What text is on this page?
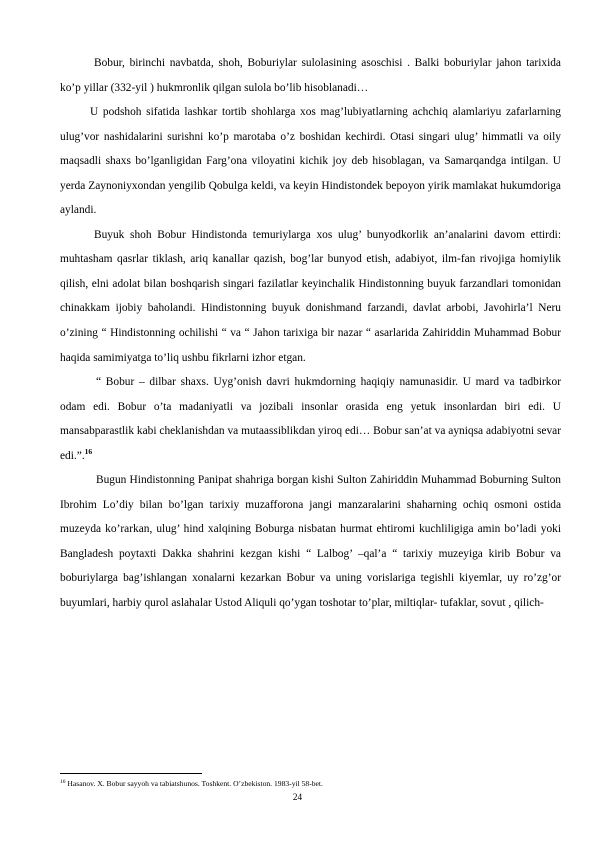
Bobur, birinchi navbatda, shoh, Boburiylar sulolasining asoschisi . Balki boburiylar jahon tarixida ko’p yillar (332-yil ) hukmronlik qilgan sulola bo’lib hisoblanadi…

U podshoh sifatida lashkar tortib shohlarga xos mag’lubiyatlarning achchiq alamlariyu zafarlarning ulug’vor nashidalarini surishni ko’p marotaba o’z boshidan kechirdi. Otasi singari ulug’ himmatli va oily maqsadli shaxs bo’lganligidan Farg’ona viloyatini kichik joy deb hisoblagan, va Samarqandga intilgan. U yerda Zaynoniyxondan yengilib Qobulga keldi, va keyin Hindistondek bepoyon yirik mamlakat hukumdoriga aylandi.

Buyuk shoh Bobur Hindistonda temuriylarga xos ulug’ bunyodkorlik an’analarini davom ettirdi: muhtasham qasrlar tiklash, ariq kanallar qazish, bog’lar bunyod etish, adabiyot, ilm-fan rivojiga homiylik qilish, elni adolat bilan boshqarish singari fazilatlar keyinchalik Hindistonning buyuk farzandlari tomonidan chinakkam ijobiy baholandi. Hindistonning buyuk donishmand farzandi, davlat arbobi, Javohirla’l Neru o’zining “ Hindistonning ochilishi “ va “ Jahon tarixiga bir nazar “ asarlarida Zahiriddin Muhammad Bobur haqida samimiyatga to’liq ushbu fikrlarni izhor etgan.

“ Bobur – dilbar shaxs. Uyg’onish davri hukmdorning haqiqiy namunasidir. U mard va tadbirkor odam edi. Bobur o’ta madaniyatli va jozibali insonlar orasida eng yetuk insonlardan biri edi. U mansabparastlik kabi cheklanishdan va mutaassiblikdan yiroq edi… Bobur san’at va ayniqsa adabiyotni sevar edi.”.$^{16}$

Bugun Hindistonning Panipat shahriga borgan kishi Sulton Zahiriddin Muhammad Boburning Sulton Ibrohim Lo’diy bilan bo’lgan tarixiy muzafforona jangi manzaralarini shaharning ochiq osmoni ostida muzeyda ko’rarkan, ulug’ hind xalqining Boburga nisbatan hurmat ehtiromi kuchliligiga amin bo’ladi yoki Bangladesh poytaxti Dakka shahrini kezgan kishi “ Lalbog’ –qal’a “ tarixiy muzeyiga kirib Bobur va boburiylarga bag’ishlangan xonalarni kezarkan Bobur va uning vorislariga tegishli kiyemlar, uy ro’zg’or buyumlari, harbiy qurol aslahalar Ustod Aliquli qo’ygan toshotar to’plar, miltiqlar- tufaklar, sovut , qilich-

$^{16}$ Hasanov. X. Bobur sayyoh va tabiatshunos. Toshkent. O’zbekiston. 1983-yil 58-bet.
24
